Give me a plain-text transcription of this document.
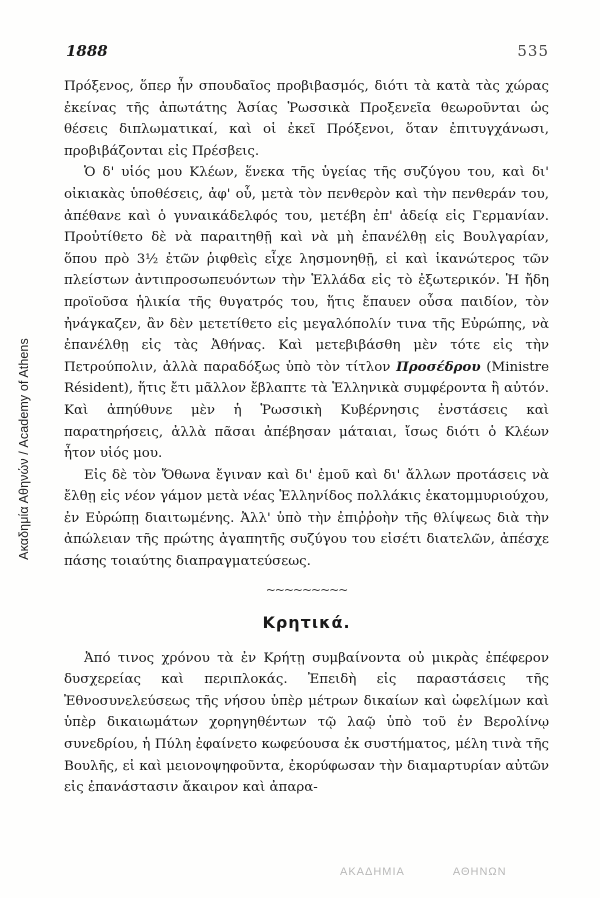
Ακαδημία Αθηνών / Academy of Athens
1888	535

Πρόξενος, ὅπερ ἦν σπουδαῖος προβιβασμός, διότι τὰ κατὰ τὰς χώρας ἐκείνας τῆς ἀπωτάτης Ἀσίας Ῥωσσικὰ Προξενεῖα θεωροῦνται ὡς θέσεις διπλωματικαί, καὶ οἱ ἐκεῖ Πρόξενοι, ὅταν ἐπιτυγχάνωσι, προβιβάζονται εἰς Πρέσβεις.

Ὁ δ' υἱός μου Κλέων, ἕνεκα τῆς ὑγείας τῆς συζύγου του, καὶ δι' οἰκιακὰς ὑποθέσεις, ἀφ' οὗ, μετὰ τὸν πενθερὸν καὶ τὴν πενθεράν του, ἀπέθανε καὶ ὁ γυναικάδελφός του, μετέβη ἐπ' ἀδείᾳ εἰς Γερμανίαν. Προὐτίθετο δὲ νὰ παραιτηθῇ καὶ νὰ μὴ ἐπανέλθῃ εἰς Βουλγαρίαν, ὅπου πρὸ 3½ ἐτῶν ῥιφθεὶς εἶχε λησμονηθῇ, εἰ καὶ ἱκανώτερος τῶν πλείστων ἀντιπροσωπευόντων τὴν Ἑλλάδα εἰς τὸ ἐξωτερικόν. Ἡ ἤδη προϊοῦσα ἡλικία τῆς θυγατρός του, ἥτις ἔπαυεν οὖσα παιδίον, τὸν ἠνάγκαζεν, ἂν δὲν μετετίθετο εἰς μεγαλόπολίν τινα τῆς Εὐρώπης, νὰ ἐπανέλθῃ εἰς τὰς Ἀθήνας. Καὶ μετεβιβάσθη μὲν τότε εἰς τὴν Πετρούπολιν, ἀλλὰ παραδόξως ὑπὸ τὸν τίτλον Προσέδρου (Ministre Résident), ἥτις ἔτι μᾶλλον ἔβλαπτε τὰ Ἑλληνικὰ συμφέροντα ἢ αὐτόν. Καὶ ἀπηύθυνε μὲν ἡ Ῥωσσικὴ Κυβέρνησις ἐνστάσεις καὶ παρατηρήσεις, ἀλλὰ πᾶσαι ἀπέβησαν μάταιαι, ἴσως διότι ὁ Κλέων ἦτον υἱός μου.

Εἰς δὲ τὸν Ὄθωνα ἔγιναν καὶ δι' ἐμοῦ καὶ δι' ἄλλων προτάσεις νὰ ἔλθῃ εἰς νέον γάμον μετὰ νέας Ἑλληνίδος πολλάκις ἑκατομμυριούχου, ἐν Εὐρώπῃ διαιτωμένης. Ἀλλ' ὑπὸ τὴν ἐπιῤῥοὴν τῆς θλίψεως διὰ τὴν ἀπώλειαν τῆς πρώτης ἀγαπητῆς συζύγου του εἰσέτι διατελῶν, ἀπέσχε πάσης τοιαύτης διαπραγματεύσεως.

~~~~~~~~~
Κρητικά.

Ἀπό τινος χρόνου τὰ ἐν Κρήτῃ συμβαίνοντα οὐ μικρὰς ἐπέφερον δυσχερείας καὶ περιπλοκάς. Ἐπειδὴ εἰς παραστάσεις τῆς Ἐθνοσυνελεύσεως τῆς νήσου ὑπὲρ μέτρων δικαίων καὶ ὠφελίμων καὶ ὑπὲρ δικαιωμάτων χορηγηθέντων τῷ λαῷ ὑπὸ τοῦ ἐν Βερολίνῳ συνεδρίου, ἡ Πύλη ἐφαίνετο κωφεύουσα ἐκ συστήματος, μέλη τινὰ τῆς Βουλῆς, εἰ καὶ μειονοψηφοῦντα, ἐκορύφωσαν τὴν διαμαρτυρίαν αὐτῶν εἰς ἐπανάστασιν ἄκαιρον καὶ ἀπαρα-

ΑΚΑΔΗΜΙΑ	ΑΘΗΝΩΝ
